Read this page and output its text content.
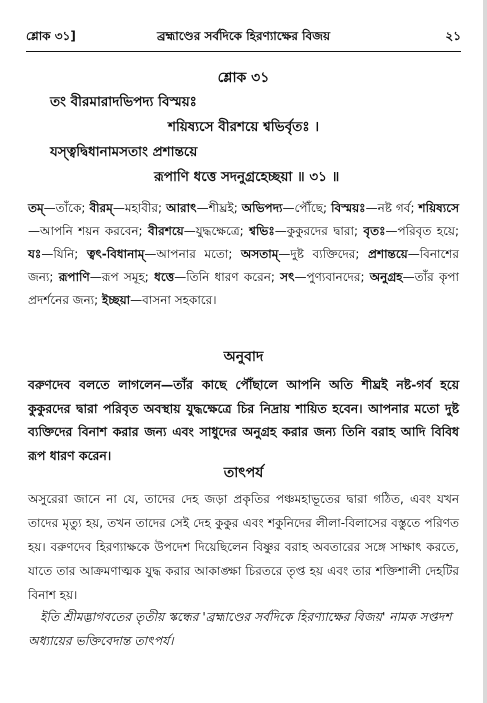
শ্লোক ৩১]	ব্রহ্মাণ্ডের সর্বদিকে হিরণ্যাক্ষের বিজয়	২১
শ্লোক ৩১
তং বীরমারাদভিপদ্য বিস্ময়ঃ
শয়িষ্যসে বীরশয়ে শ্বভির্বৃতঃ ।
যস্ত্বদ্বিধানামসতাং প্রশান্তয়ে
রূপাণি ধত্তে সদনুগ্রহেচ্ছয়া ॥ ৩১ ॥
তম্—তাঁকে; বীরম্—মহাবীর; আরাৎ—শীঘ্রই; অভিপদ্য—পৌঁছে; বিস্ময়ঃ—নষ্ট গর্ব; শয়িষ্যসে—আপনি শয়ন করবেন; বীরশয়ে—যুদ্ধক্ষেত্রে; শ্বভিঃ—কুকুরদের দ্বারা; বৃতঃ—পরিবৃত হয়ে; যঃ—যিনি; ত্বৎ-বিধানাম্—আপনার মতো; অসতাম্—দুষ্ট ব্যক্তিদের; প্রশান্তয়ে—বিনাশের জন্য; রূপাণি—রূপ সমূহ; ধত্তে—তিনি ধারণ করেন; সৎ—পুণ্যবানদের; অনুগ্রহ—তাঁর কৃপা প্রদর্শনের জন্য; ইচ্ছয়া—বাসনা সহকারে।
অনুবাদ
বরুণদেব বলতে লাগলেন—তাঁর কাছে পৌঁছালে আপনি অতি শীঘ্রই নষ্ট-গর্ব হয়ে কুকুরদের দ্বারা পরিবৃত অবস্থায় যুদ্ধক্ষেত্রে চির নিদ্রায় শায়িত হবেন। আপনার মতো দুষ্ট ব্যক্তিদের বিনাশ করার জন্য এবং সাধুদের অনুগ্রহ করার জন্য তিনি বরাহ আদি বিবিধ রূপ ধারণ করেন।
তাৎপর্য
অসুরেরা জানে না যে, তাদের দেহ জড়া প্রকৃতির পঞ্চমহাভূতের দ্বারা গঠিত, এবং যখন তাদের মৃত্যু হয়, তখন তাদের সেই দেহ কুকুর এবং শকুনিদের লীলা-বিলাসের বস্তুতে পরিণত হয়। বরুণদেব হিরণ্যাক্ষকে উপদেশ দিয়েছিলেন বিষ্ণুর বরাহ অবতারের সঙ্গে সাক্ষাৎ করতে, যাতে তার আক্রমণাত্মক যুদ্ধ করার আকাঙ্ক্ষা চিরতরে তৃপ্ত হয় এবং তার শক্তিশালী দেহটির বিনাশ হয়।
ইতি শ্রীমদ্ভাগবতের তৃতীয় স্কন্ধের 'ব্রহ্মাণ্ডের সর্বদিকে হিরণ্যাক্ষের বিজয়' নামক সপ্তদশ অধ্যায়ের ভক্তিবেদান্ত তাৎপর্য।
